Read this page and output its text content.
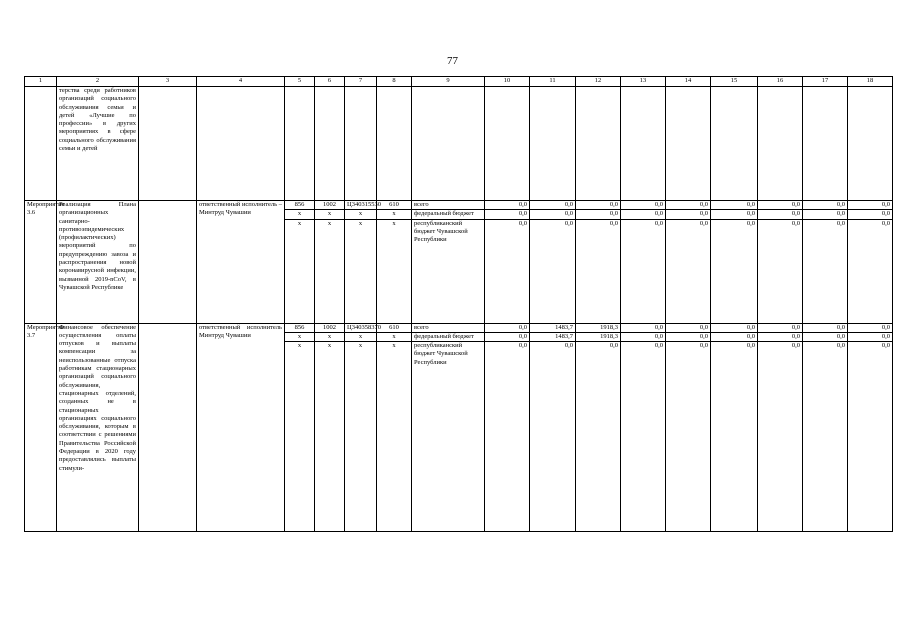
77
1	2	3	4	5	6	7	8	9	10	11	12	13	14	15	16	17	18
	терства среди работников организаций социального обслуживания семьи и детей «Лучшие по профессии» в других мероприятиях в сфере социального обслуживания семьи и детей																
Мероприятие 3.6	Реализация Плана организационных санитарно-противоэпидемических (профилактических) мероприятий по предупреждению завоза и распространения новой коронавирусной инфекции, вызванной 2019-nCoV, в Чувашской Республике		ответственный исполнитель – Минтруд Чувашии	856	1002	Ц340315530	610	всего	0,0	0,0	0,0	0,0	0,0	0,0	0,0	0,0	0,0
				x	x	x	x	федеральный бюджет	0,0	0,0	0,0	0,0	0,0	0,0	0,0	0,0	0,0
				x	x	x	x	республиканский бюджет Чувашской Республики	0,0	0,0	0,0	0,0	0,0	0,0	0,0	0,0	0,0
Мероприятие 3.7	Финансовое обеспечение осуществления оплаты отпусков и выплаты компенсации за неиспользованные отпуска работникам стационарных организаций социального обслуживания, стационарных отделений, созданных не в стационарных организациях социального обслуживания, которым в соответствии с решениями Правительства Российской Федерации в 2020 году предоставлялись выплаты стимули-		ответственный исполнитель Минтруд Чувашии	856	1002	Ц340358370	610	всего	0,0	1483,7	1918,3	0,0	0,0	0,0	0,0	0,0	0,0
				x	x	x	x	федеральный бюджет	0,0	1483,7	1918,3	0,0	0,0	0,0	0,0	0,0	0,0
				x	x	x	x	республиканский бюджет Чувашской Республики	0,0	0,0	0,0	0,0	0,0	0,0	0,0	0,0	0,0
